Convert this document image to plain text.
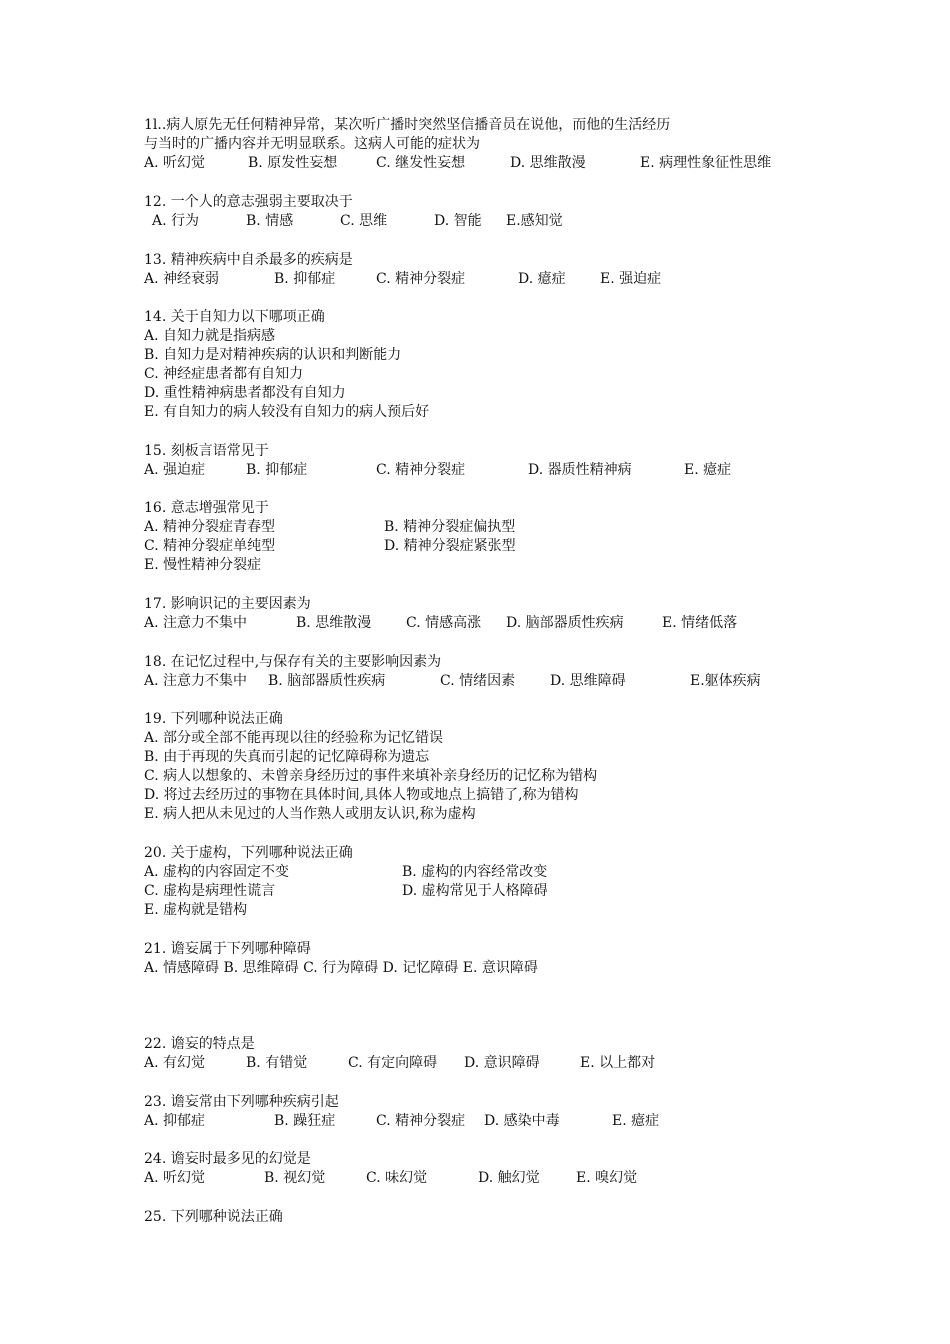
1l..病人原先无任何精神异常，某次听广播时突然坚信播音员在说他，而他的生活经历
与当时的广播内容并无明显联系。这病人可能的症状为
A. 听幻觉	B. 原发性妄想	C. 继发性妄想	D. 思维散漫	E. 病理性象征性思维
12. 一个人的意志强弱主要取决于
A. 行为	B. 情感	C. 思维	D. 智能 E.感知觉
13. 精神疾病中自杀最多的疾病是
A. 神经衰弱	B. 抑郁症	C. 精神分裂症	D. 癔症 E. 强迫症
14. 关于自知力以下哪项正确
A. 自知力就是指病感
B. 自知力是对精神疾病的认识和判断能力
C. 神经症患者都有自知力
D. 重性精神病患者都没有自知力
E. 有自知力的病人较没有自知力的病人预后好
15. 刻板言语常见于
A. 强迫症	B. 抑郁症	C. 精神分裂症	D. 器质性精神病	E. 癔症
16. 意志增强常见于
A. 精神分裂症青春型	B. 精神分裂症偏执型
C. 精神分裂症单纯型	D. 精神分裂症紧张型
E. 慢性精神分裂症
17. 影响识记的主要因素为
A. 注意力不集中	B. 思维散漫 C. 情感高涨 D. 脑部器质性疾病	E. 情绪低落
18. 在记忆过程中,与保存有关的主要影响因素为
A. 注意力不集中 B. 脑部器质性疾病	C. 情绪因素 D. 思维障碍	E.躯体疾病
19. 下列哪种说法正确
A. 部分或全部不能再现以往的经验称为记忆错误
B. 由于再现的失真而引起的记忆障碍称为遗忘
C. 病人以想象的、未曾亲身经历过的事件来填补亲身经历的记忆称为错构
D. 将过去经历过的事物在具体时间,具体人物或地点上搞错了,称为错构
E. 病人把从未见过的人当作熟人或朋友认识,称为虚构
20. 关于虚构，下列哪种说法正确
A. 虚构的内容固定不变	B. 虚构的内容经常改变
C. 虚构是病理性谎言	D. 虚构常见于人格障碍
E. 虚构就是错构
21. 谵妄属于下列哪种障碍
A. 情感障碍 B. 思维障碍 C. 行为障碍 D. 记忆障碍 E. 意识障碍
22. 谵妄的特点是
A. 有幻觉	B. 有错觉	C. 有定向障碍 D. 意识障碍	E. 以上都对
23. 谵妄常由下列哪种疾病引起
A. 抑郁症	B. 躁狂症	C. 精神分裂症 D. 感染中毒	E. 癔症
24. 谵妄时最多见的幻觉是
A. 听幻觉	B. 视幻觉	C. 味幻觉	D. 触幻觉	E. 嗅幻觉
25. 下列哪种说法正确
